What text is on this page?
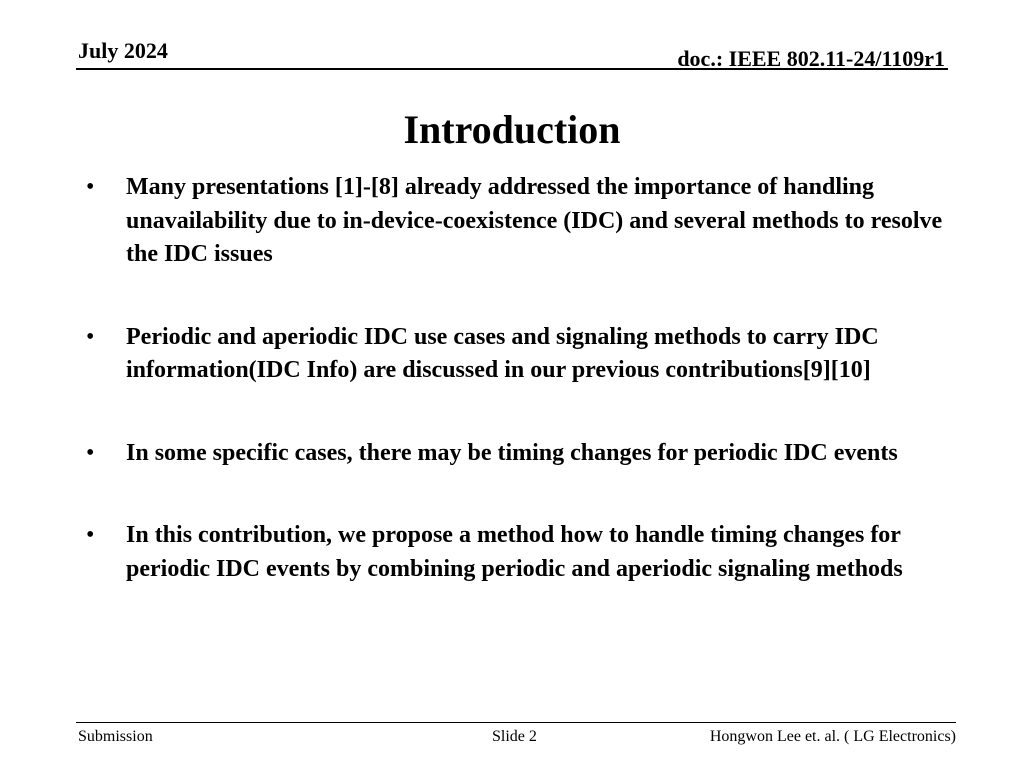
July 2024	doc.: IEEE 802.11-24/1109r1
Introduction
• Many presentations [1]-[8] already addressed the importance of handling unavailability due to in-device-coexistence (IDC) and several methods to resolve the IDC issues
• Periodic and aperiodic IDC use cases and signaling methods to carry IDC information(IDC Info) are discussed in our previous contributions[9][10]
• In some specific cases, there may be timing changes for periodic IDC events
• In this contribution, we propose a method how to handle timing changes for periodic IDC events by combining periodic and aperiodic signaling methods
Submission	Slide 2	Hongwon Lee et. al. ( LG Electronics)
